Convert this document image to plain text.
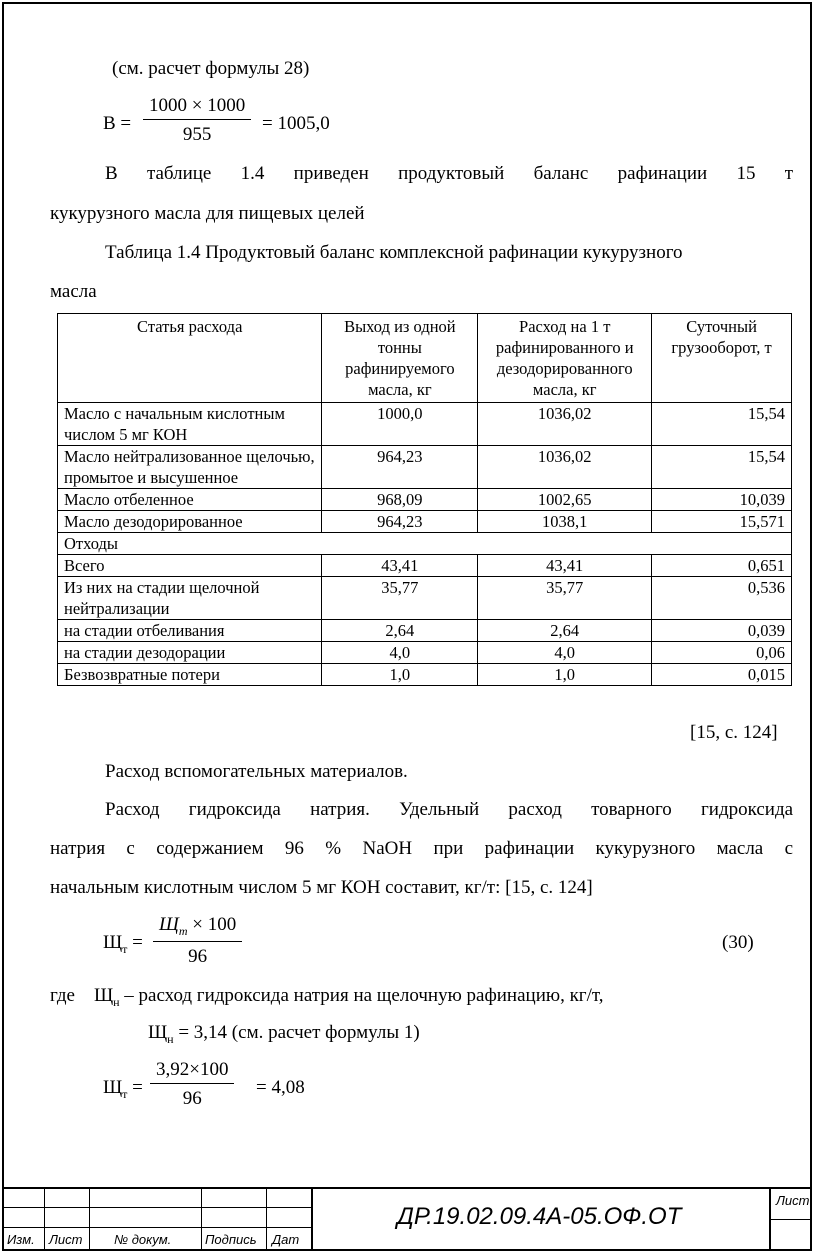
(см. расчет формулы 28)
$В = \frac{1000 \times 1000}{955} = 1005,0$
В таблице 1.4 приведен продуктовый баланс рафинации 15 т
кукурузного масла для пищевых целей
Таблица 1.4 Продуктовый баланс комплексной рафинации кукурузного
масла
Статья расхода	Выход из одной тонны рафинируемого масла, кг	Расход на 1 т рафинированного и дезодорированного масла, кг	Суточный грузооборот, т
Масло с начальным кислотным числом 5 мг КОН	1000,0	1036,02	15,54
Масло нейтрализованное щелочью, промытое и высушенное	964,23	1036,02	15,54
Масло отбеленное	968,09	1002,65	10,039
Масло дезодорированное	964,23	1038,1	15,571
Отходы			
Всего	43,41	43,41	0,651
Из них на стадии щелочной нейтрализации	35,77	35,77	0,536
на стадии отбеливания	2,64	2,64	0,039
на стадии дезодорации	4,0	4,0	0,06
Безвозвратные потери	1,0	1,0	0,015
[15, с. 124]
Расход вспомогательных материалов.
Расход гидроксида натрия. Удельный расход товарного гидроксида
натрия с содержанием 96 % NaOH при рафинации кукурузного масла с
начальным кислотным числом 5 мг КОН составит, кг/т: [15, с. 124]
$Щ_т$ =
$Щ_т \times 100$
96
(30)
где $Щ_н$ – расход гидроксида натрия на щелочную рафинацию, кг/т,
$Щ_н = 3,14$ (см. расчет формулы 1)
$Щ_т = \frac{3,92\times 100}{96} = 4,08$
Изм. Лист № докум.	Подпись Дат
Лист
ДР.19.02.09.4А-05.ОФ.ОТ
